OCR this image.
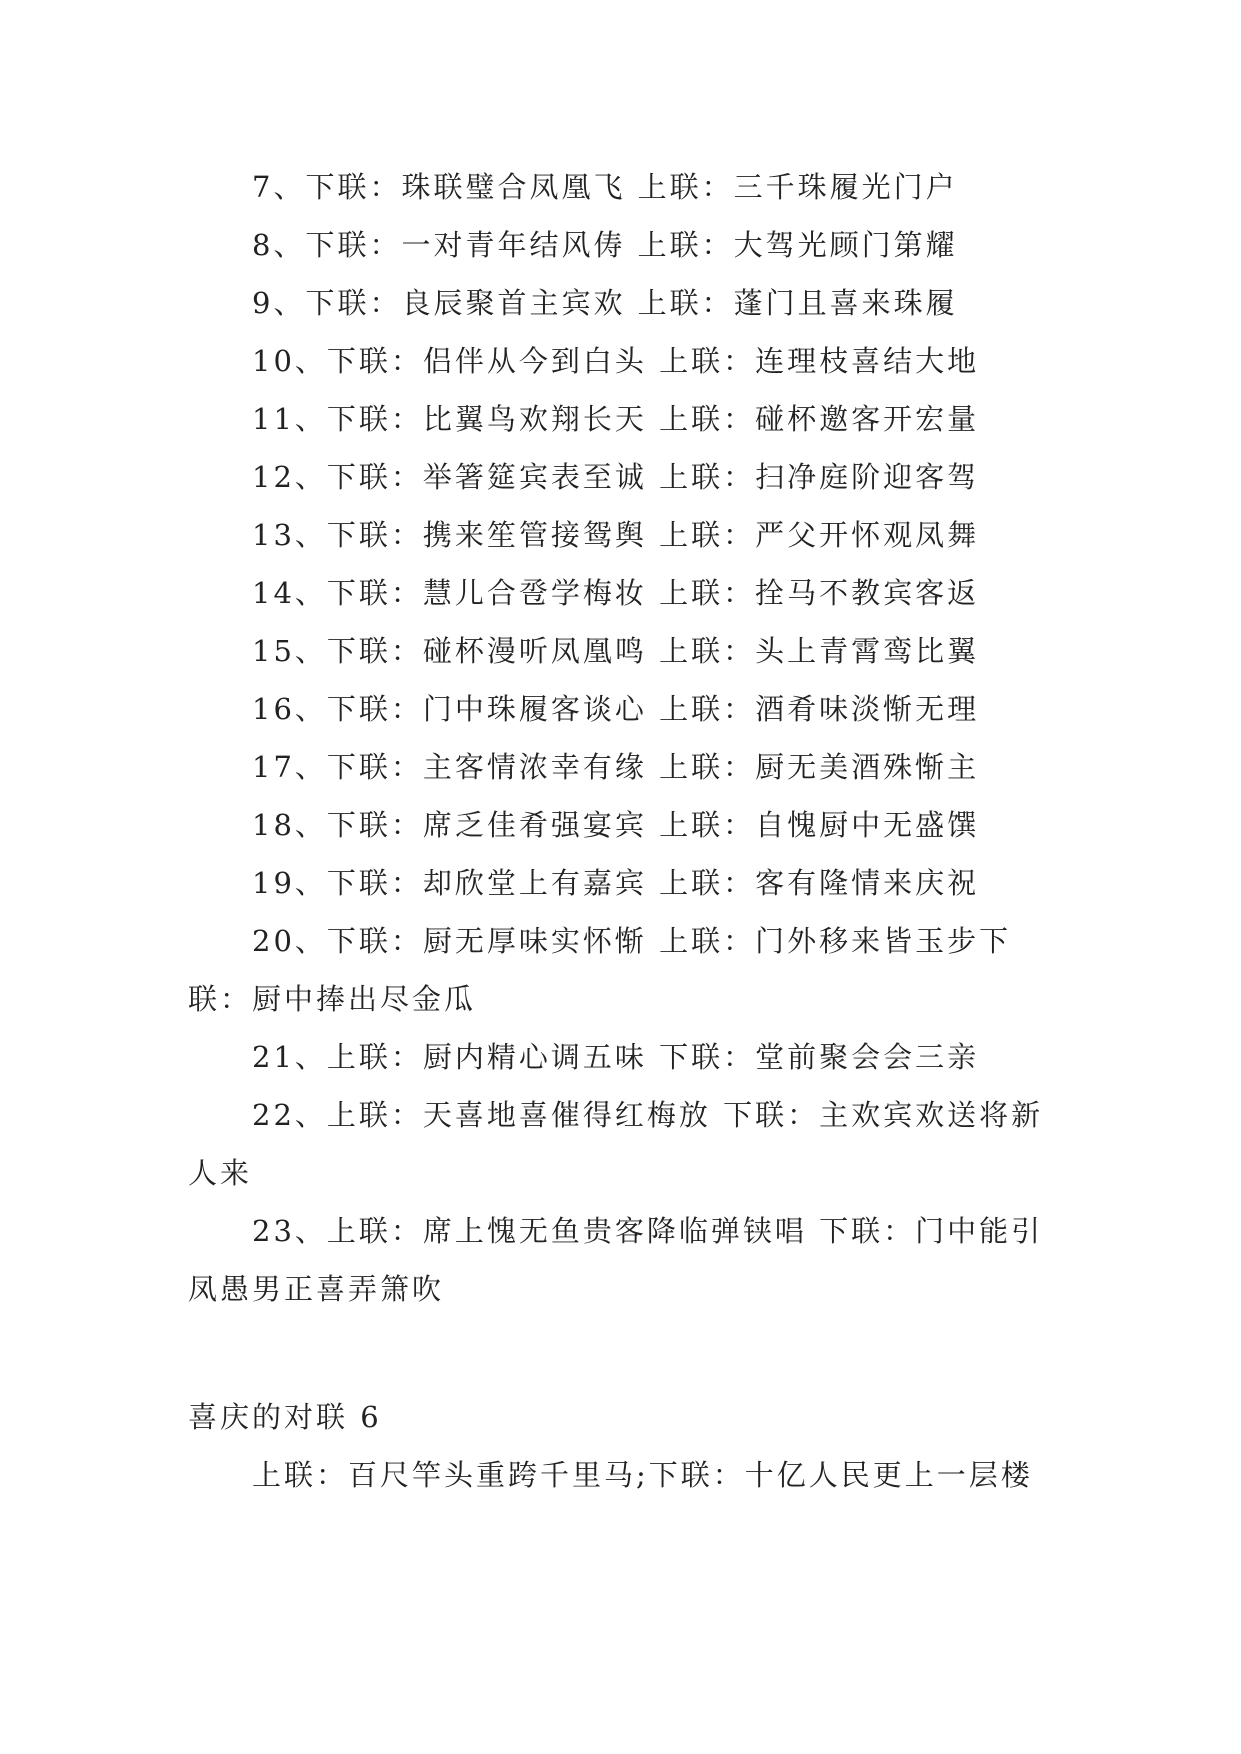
7、下联：珠联璧合凤凰飞 上联：三千珠履光门户

8、下联：一对青年结风俦 上联：大驾光顾门第耀

9、下联：良辰聚首主宾欢 上联：蓬门且喜来珠履

10、下联：侣伴从今到白头 上联：连理枝喜结大地

11、下联：比翼鸟欢翔长天 上联：碰杯邀客开宏量

12、下联：举箸筵宾表至诚 上联：扫净庭阶迎客驾

13、下联：携来笙管接鸳舆 上联：严父开怀观凤舞

14、下联：慧儿合卺学梅妆 上联：拴马不教宾客返

15、下联：碰杯漫听凤凰鸣 上联：头上青霄鸾比翼

16、下联：门中珠履客谈心 上联：酒肴味淡惭无理

17、下联：主客情浓幸有缘 上联：厨无美酒殊惭主

18、下联：席乏佳肴强宴宾 上联：自愧厨中无盛馔

19、下联：却欣堂上有嘉宾 上联：客有隆情来庆祝

20、下联：厨无厚味实怀惭 上联：门外移来皆玉步下联：厨中捧出尽金瓜

21、上联：厨内精心调五味 下联：堂前聚会会三亲

22、上联：天喜地喜催得红梅放 下联：主欢宾欢送将新人来

23、上联：席上愧无鱼贵客降临弹铗唱 下联：门中能引凤愚男正喜弄箫吹

喜庆的对联 6

上联：百尺竿头重跨千里马;下联：十亿人民更上一层楼
